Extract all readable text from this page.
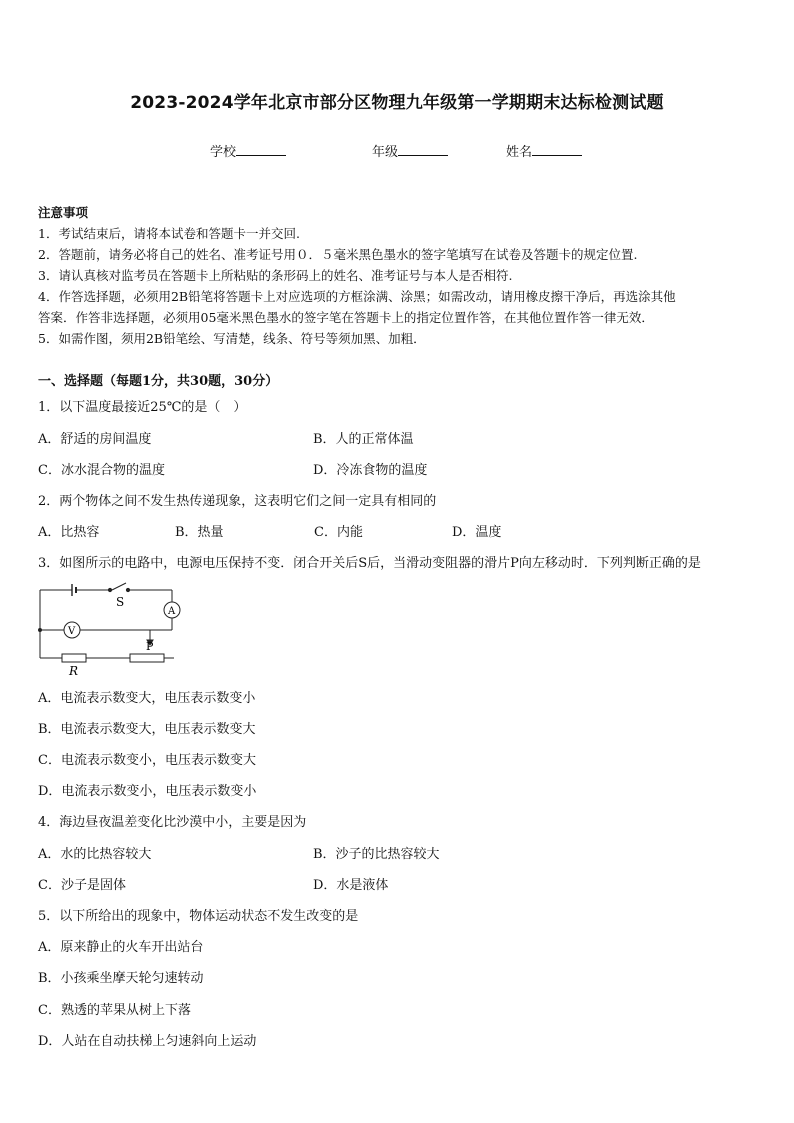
2023-2024学年北京市部分区物理九年级第一学期期末达标检测试题
学校	年级	姓名
注意事项
1．考试结束后，请将本试卷和答题卡一并交回.
2．答题前，请务必将自己的姓名、准考证号用０．５毫米黑色墨水的签字笔填写在试卷及答题卡的规定位置.
3．请认真核对监考员在答题卡上所粘贴的条形码上的姓名、准考证号与本人是否相符.
4．作答选择题，必须用2B铅笔将答题卡上对应选项的方框涂满、涂黑；如需改动，请用橡皮擦干净后，再选涂其他
答案．作答非选择题，必须用05毫米黑色墨水的签字笔在答题卡上的指定位置作答，在其他位置作答一律无效．
5．如需作图，须用2B铅笔绘、写清楚，线条、符号等须加黑、加粗．
一、选择题（每题1分，共30题，30分）
1．以下温度最接近25℃的是（　）
A．舒适的房间温度	B．人的正常体温
C．冰水混合物的温度	D．冷冻食物的温度
2．两个物体之间不发生热传递现象，这表明它们之间一定具有相同的
A．比热容	B．热量	C．内能	D．温度
3．如图所示的电路中，电源电压保持不变．闭合开关后S后，当滑动变阻器的滑片P向左移动时．下列判断正确的是
S
A
V
P
R
A．电流表示数变大，电压表示数变小
B．电流表示数变大，电压表示数变大
C．电流表示数变小，电压表示数变大
D．电流表示数变小，电压表示数变小
4．海边昼夜温差变化比沙漠中小，主要是因为
A．水的比热容较大	B．沙子的比热容较大
C．沙子是固体	D．水是液体
5．以下所给出的现象中，物体运动状态不发生改变的是
A．原来静止的火车开出站台
B．小孩乘坐摩天轮匀速转动
C．熟透的苹果从树上下落
D．人站在自动扶梯上匀速斜向上运动
